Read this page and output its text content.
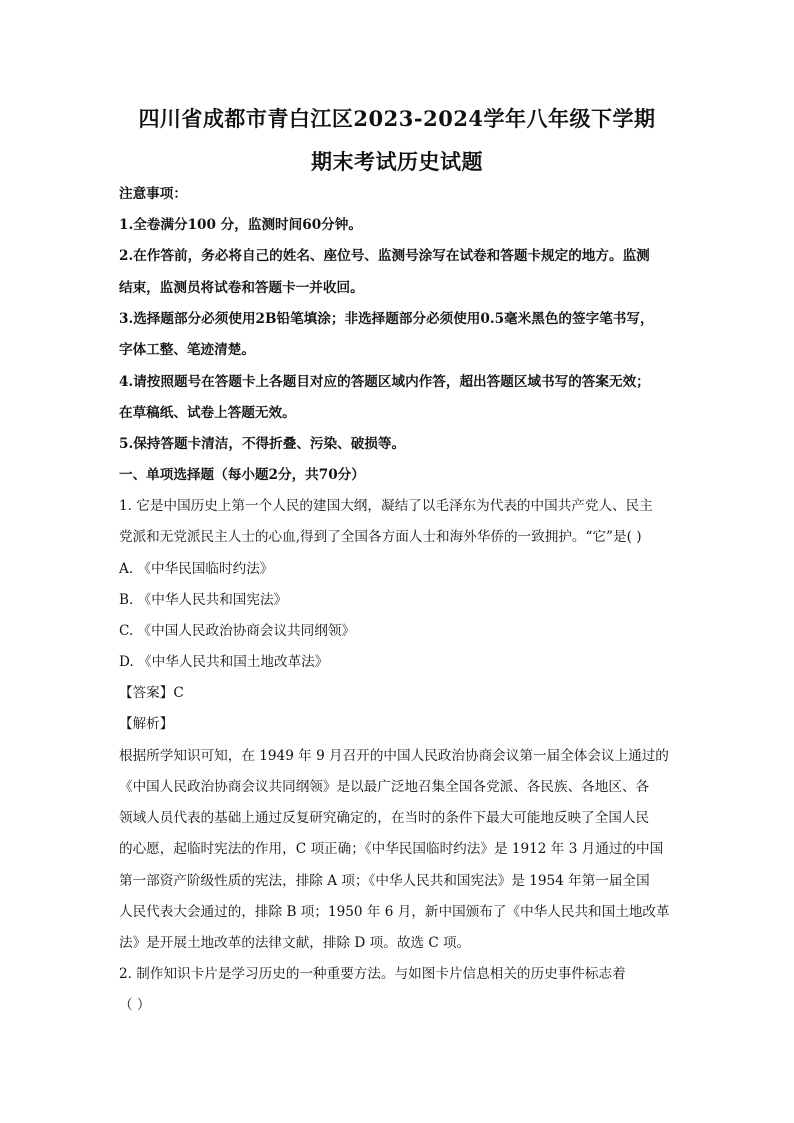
四川省成都市青白江区2023-2024学年八年级下学期
期末考试历史试题
注意事项：
1.全卷满分100 分，监测时间60分钟。
2.在作答前，务必将自己的姓名、座位号、监测号涂写在试卷和答题卡规定的地方。监测
结束，监测员将试卷和答题卡一并收回。
3.选择题部分必须使用2B铅笔填涂；非选择题部分必须使用0.5毫米黑色的签字笔书写，
字体工整、笔迹清楚。
4.请按照题号在答题卡上各题目对应的答题区域内作答，超出答题区域书写的答案无效；
在草稿纸、试卷上答题无效。
5.保持答题卡清洁，不得折叠、污染、破损等。
一、单项选择题（每小题2分，共70分）
1. 它是中国历史上第一个人民的建国大纲，凝结了以毛泽东为代表的中国共产党人、民主
党派和无党派民主人士的心血,得到了全国各方面人士和海外华侨的一致拥护。“它”是( )
A. 《中华民国临时约法》
B. 《中华人民共和国宪法》
C. 《中国人民政治协商会议共同纲领》
D. 《中华人民共和国土地改革法》
【答案】C
【解析】
根据所学知识可知，在 1949 年 9 月召开的中国人民政治协商会议第一届全体会议上通过的
《中国人民政治协商会议共同纲领》是以最广泛地召集全国各党派、各民族、各地区、各
领域人员代表的基础上通过反复研究确定的，在当时的条件下最大可能地反映了全国人民
的心愿，起临时宪法的作用，C 项正确；《中华民国临时约法》是 1912 年 3 月通过的中国
第一部资产阶级性质的宪法，排除 A 项；《中华人民共和国宪法》是 1954 年第一届全国
人民代表大会通过的，排除 B 项；1950 年 6 月，新中国颁布了《中华人民共和国土地改革
法》是开展土地改革的法律文献，排除 D 项。故选 C 项。
2. 制作知识卡片是学习历史的一种重要方法。与如图卡片信息相关的历史事件标志着
（ ）
